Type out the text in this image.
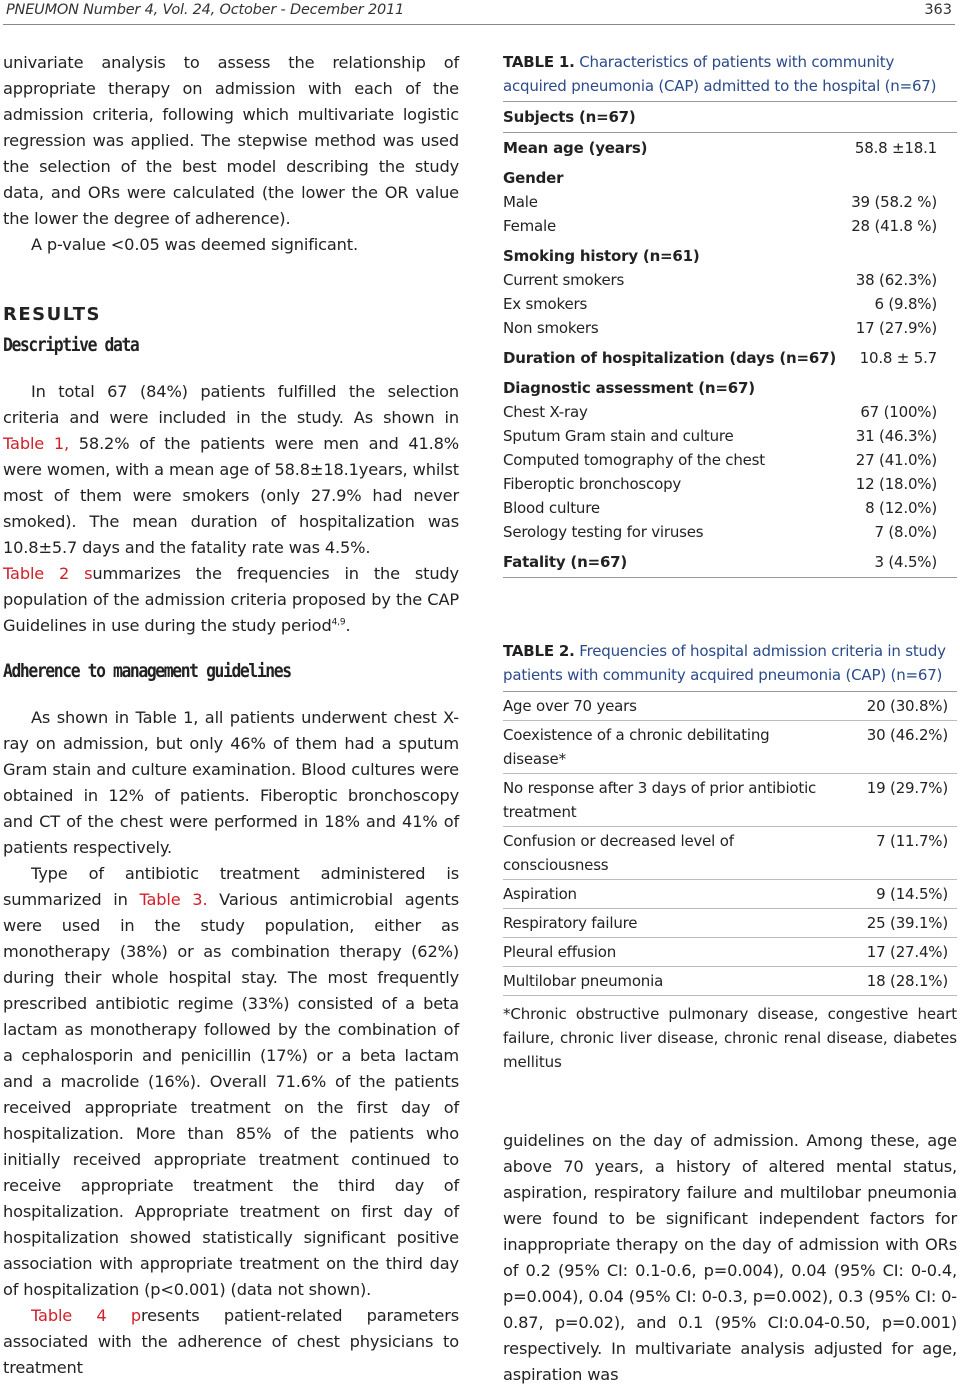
PNEUMON Number 4, Vol. 24, October - December 2011	363

univariate analysis to assess the relationship of appropriate therapy on admission with each of the admission criteria, following which multivariate logistic regression was applied. The stepwise method was used the selection of the best model describing the study data, and ORs were calculated (the lower the OR value the lower the degree of adherence).

A p-value <0.05 was deemed significant.

RESULTS
Descriptive data

In total 67 (84%) patients fulfilled the selection criteria and were included in the study. As shown in Table 1, 58.2% of the patients were men and 41.8% were women, with a mean age of 58.8±18.1years, whilst most of them were smokers (only 27.9% had never smoked). The mean duration of hospitalization was 10.8±5.7 days and the fatality rate was 4.5%.

Table 2 summarizes the frequencies in the study population of the admission criteria proposed by the CAP Guidelines in use during the study period$^{4,9}$.

Adherence to management guidelines

As shown in Table 1, all patients underwent chest X-ray on admission, but only 46% of them had a sputum Gram stain and culture examination. Blood cultures were obtained in 12% of patients. Fiberoptic bronchoscopy and CT of the chest were performed in 18% and 41% of patients respectively.

Type of antibiotic treatment administered is summarized in Table 3. Various antimicrobial agents were used in the study population, either as monotherapy (38%) or as combination therapy (62%) during their whole hospital stay. The most frequently prescribed antibiotic regime (33%) consisted of a beta lactam as monotherapy followed by the combination of a cephalosporin and penicillin (17%) or a beta lactam and a macrolide (16%). Overall 71.6% of the patients received appropriate treatment on the first day of hospitalization. More than 85% of the patients who initially received appropriate treatment continued to receive appropriate treatment the third day of hospitalization. Appropriate treatment on first day of hospitalization showed statistically significant positive association with appropriate treatment on the third day of hospitalization (p<0.001) (data not shown).

Table 4 presents patient-related parameters associated with the adherence of chest physicians to treatment

TABLE 1. Characteristics of patients with community acquired pneumonia (CAP) admitted to the hospital (n=67)

Subjects (n=67)
Mean age (years)	58.8 ±18.1
Gender
Male	39 (58.2 %)
Female	28 (41.8 %)
Smoking history (n=61)
Current smokers	38 (62.3%)
Ex smokers	6 (9.8%)
Non smokers	17 (27.9%)
Duration of hospitalization (days (n=67)	10.8 ± 5.7
Diagnostic assessment (n=67)
Chest X-ray	67 (100%)
Sputum Gram stain and culture	31 (46.3%)
Computed tomography of the chest	27 (41.0%)
Fiberoptic bronchoscopy	12 (18.0%)
Blood culture	8 (12.0%)
Serology testing for viruses	7 (8.0%)
Fatality (n=67)	3 (4.5%)

TABLE 2. Frequencies of hospital admission criteria in study patients with community acquired pneumonia (CAP) (n=67)

Age over 70 years	20 (30.8%)
Coexistence of a chronic debilitating disease*
30 (46.2%)
No response after 3 days of prior antibiotic treatment
19 (29.7%)
Confusion or decreased level of consciousness
7 (11.7%)
Aspiration	9 (14.5%)
Respiratory failure	25 (39.1%)
Pleural effusion	17 (27.4%)
Multilobar pneumonia	18 (28.1%)

*Chronic obstructive pulmonary disease, congestive heart failure, chronic liver disease, chronic renal disease, diabetes mellitus

guidelines on the day of admission. Among these, age above 70 years, a history of altered mental status, aspiration, respiratory failure and multilobar pneumonia were found to be significant independent factors for inappropriate therapy on the day of admission with ORs of 0.2 (95% CI: 0.1-0.6, p=0.004), 0.04 (95% CI: 0-0.4, p=0.004), 0.04 (95% CI: 0-0.3, p=0.002), 0.3 (95% CI: 0-0.87, p=0.02), and 0.1 (95% CI:0.04-0.50, p=0.001) respectively. In multivariate analysis adjusted for age, aspiration was
